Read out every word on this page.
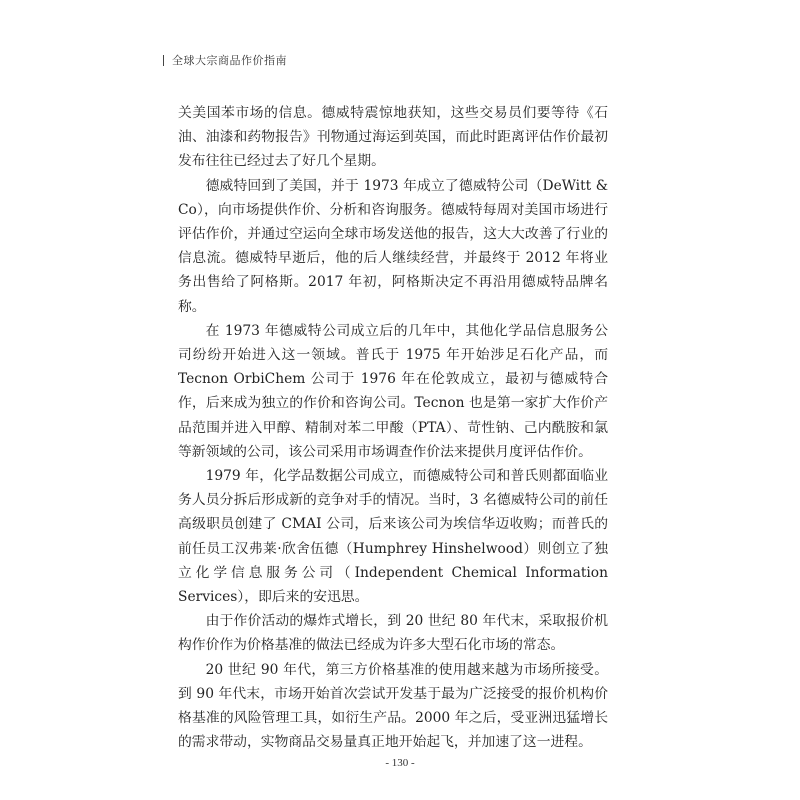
全球大宗商品作价指南

关美国苯市场的信息。德威特震惊地获知，这些交易员们要等待《石油、油漆和药物报告》刊物通过海运到英国，而此时距离评估作价最初发布往往已经过去了好几个星期。

德威特回到了美国，并于 1973 年成立了德威特公司（DeWitt & Co），向市场提供作价、分析和咨询服务。德威特每周对美国市场进行评估作价，并通过空运向全球市场发送他的报告，这大大改善了行业的信息流。德威特早逝后，他的后人继续经营，并最终于 2012 年将业务出售给了阿格斯。2017 年初，阿格斯决定不再沿用德威特品牌名称。

在 1973 年德威特公司成立后的几年中，其他化学品信息服务公司纷纷开始进入这一领域。普氏于 1975 年开始涉足石化产品，而 Tecnon OrbiChem 公司于 1976 年在伦敦成立，最初与德威特合作，后来成为独立的作价和咨询公司。Tecnon 也是第一家扩大作价产品范围并进入甲醇、精制对苯二甲酸（PTA）、苛性钠、己内酰胺和氯等新领域的公司，该公司采用市场调查作价法来提供月度评估作价。

1979 年，化学品数据公司成立，而德威特公司和普氏则都面临业务人员分拆后形成新的竞争对手的情况。当时，3 名德威特公司的前任高级职员创建了 CMAI 公司，后来该公司为埃信华迈收购；而普氏的前任员工汉弗莱·欣舍伍德（Humphrey Hinshelwood）则创立了独立化学信息服务公司（Independent Chemical Information Services），即后来的安迅思。

由于作价活动的爆炸式增长，到 20 世纪 80 年代末，采取报价机构作价作为价格基准的做法已经成为许多大型石化市场的常态。

20 世纪 90 年代，第三方价格基准的使用越来越为市场所接受。到 90 年代末，市场开始首次尝试开发基于最为广泛接受的报价机构价格基准的风险管理工具，如衍生产品。2000 年之后，受亚洲迅猛增长的需求带动，实物商品交易量真正地开始起飞，并加速了这一进程。

- 130 -
